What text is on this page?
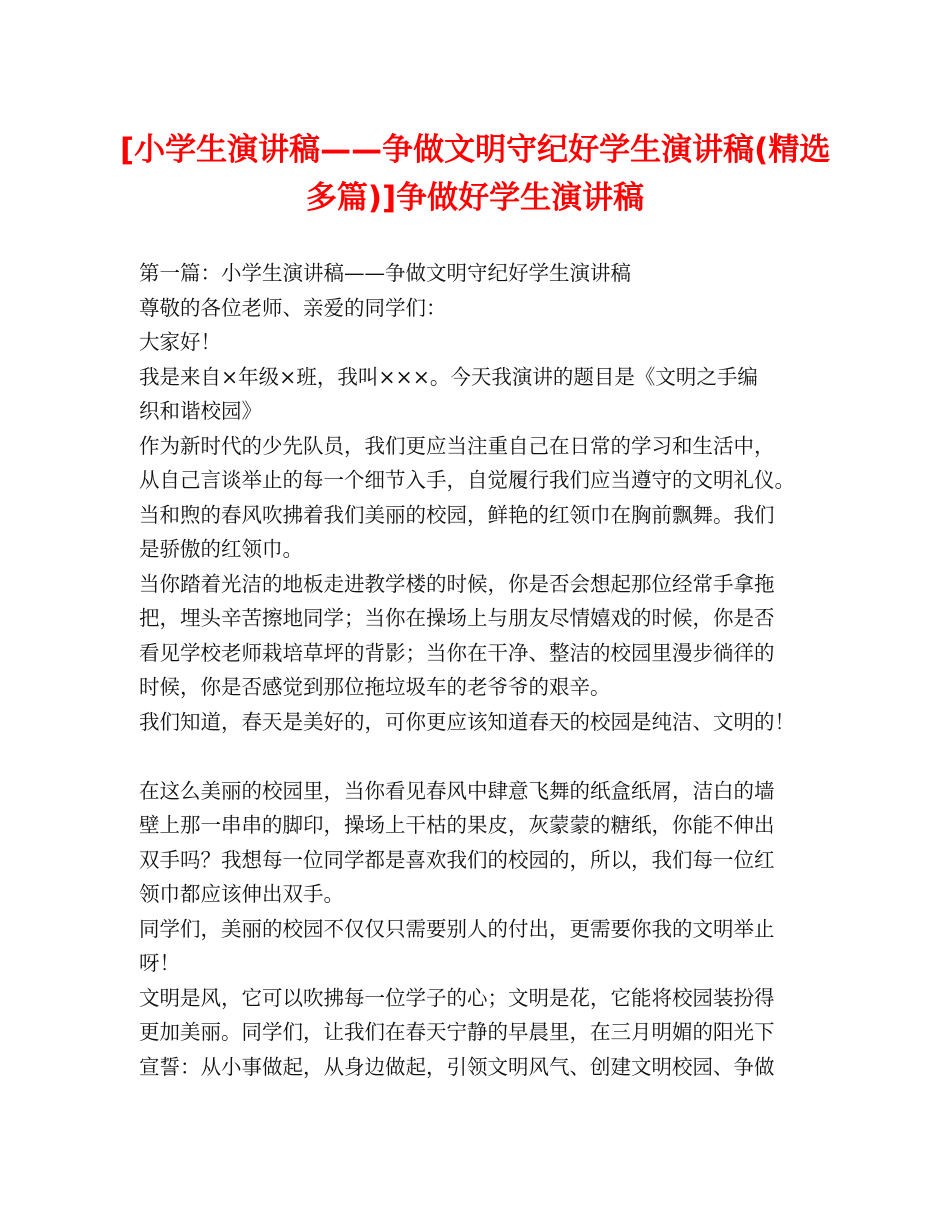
[小学生演讲稿——争做文明守纪好学生演讲稿(精选
多篇)]争做好学生演讲稿
第一篇：小学生演讲稿——争做文明守纪好学生演讲稿
尊敬的各位老师、亲爱的同学们：
大家好！
我是来自×年级×班，我叫×××。今天我演讲的题目是《文明之手编
织和谐校园》
作为新时代的少先队员，我们更应当注重自己在日常的学习和生活中，
从自己言谈举止的每一个细节入手，自觉履行我们应当遵守的文明礼仪。
当和煦的春风吹拂着我们美丽的校园，鲜艳的红领巾在胸前飘舞。我们
是骄傲的红领巾。
当你踏着光洁的地板走进教学楼的时候，你是否会想起那位经常手拿拖
把，埋头辛苦擦地同学；当你在操场上与朋友尽情嬉戏的时候，你是否
看见学校老师栽培草坪的背影；当你在干净、整洁的校园里漫步徜徉的
时候，你是否感觉到那位拖垃圾车的老爷爷的艰辛。
我们知道，春天是美好的，可你更应该知道春天的校园是纯洁、文明的！
在这么美丽的校园里，当你看见春风中肆意飞舞的纸盒纸屑，洁白的墙
壁上那一串串的脚印，操场上干枯的果皮，灰蒙蒙的糖纸，你能不伸出
双手吗？我想每一位同学都是喜欢我们的校园的，所以，我们每一位红
领巾都应该伸出双手。
同学们，美丽的校园不仅仅只需要别人的付出，更需要你我的文明举止
呀！
文明是风，它可以吹拂每一位学子的心；文明是花，它能将校园装扮得
更加美丽。同学们，让我们在春天宁静的早晨里，在三月明媚的阳光下
宣誓：从小事做起，从身边做起，引领文明风气、创建文明校园、争做
